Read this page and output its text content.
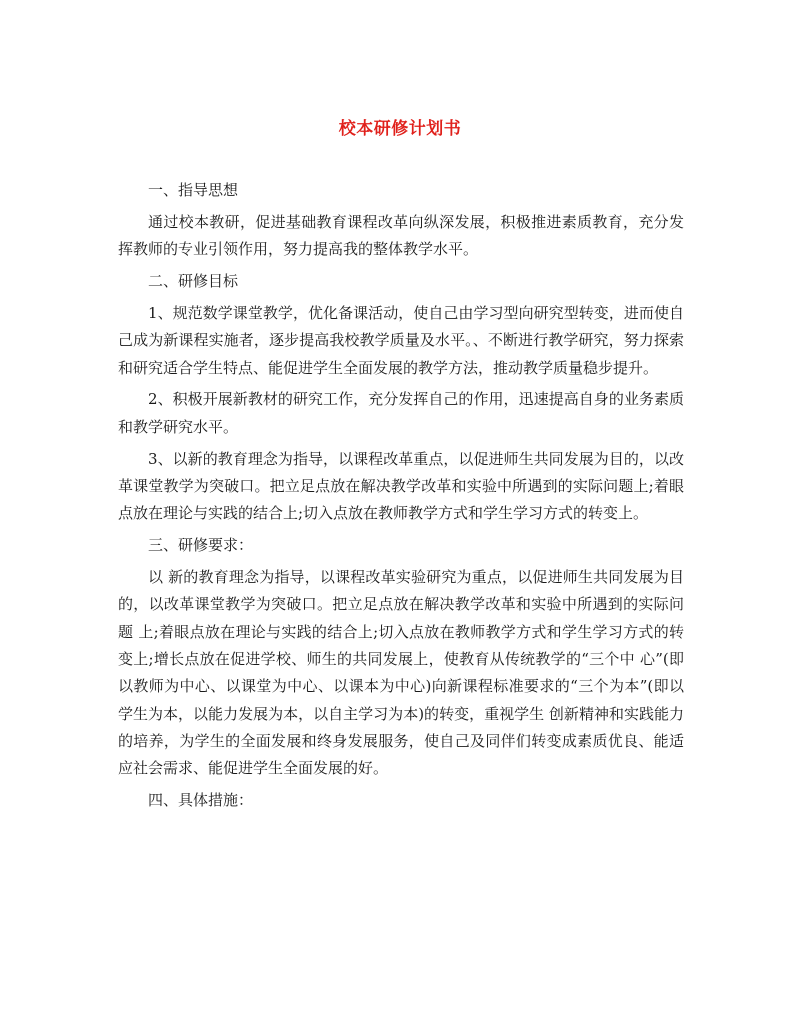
校本研修计划书

一、指导思想

通过校本教研，促进基础教育课程改革向纵深发展，积极推进素质教育，充分发挥教师的专业引领作用，努力提高我的整体教学水平。

二、研修目标

1、规范数学课堂教学，优化备课活动，使自己由学习型向研究型转变，进而使自己成为新课程实施者，逐步提高我校教学质量及水平。、不断进行教学研究，努力探索和研究适合学生特点、能促进学生全面发展的教学方法，推动教学质量稳步提升。

2、积极开展新教材的研究工作，充分发挥自己的作用，迅速提高自身的业务素质和教学研究水平。

3、以新的教育理念为指导，以课程改革重点，以促进师生共同发展为目的，以改革课堂教学为突破口。把立足点放在解决教学改革和实验中所遇到的实际问题上;着眼点放在理论与实践的结合上;切入点放在教师教学方式和学生学习方式的转变上。

三、研修要求：

以 新的教育理念为指导，以课程改革实验研究为重点，以促进师生共同发展为目的，以改革课堂教学为突破口。把立足点放在解决教学改革和实验中所遇到的实际问题 上;着眼点放在理论与实践的结合上;切入点放在教师教学方式和学生学习方式的转变上;增长点放在促进学校、师生的共同发展上，使教育从传统教学的“三个中 心”(即以教师为中心、以课堂为中心、以课本为中心)向新课程标准要求的“三个为本”(即以学生为本，以能力发展为本，以自主学习为本)的转变，重视学生 创新精神和实践能力的培养，为学生的全面发展和终身发展服务，使自己及同伴们转变成素质优良、能适应社会需求、能促进学生全面发展的好。

四、具体措施：
